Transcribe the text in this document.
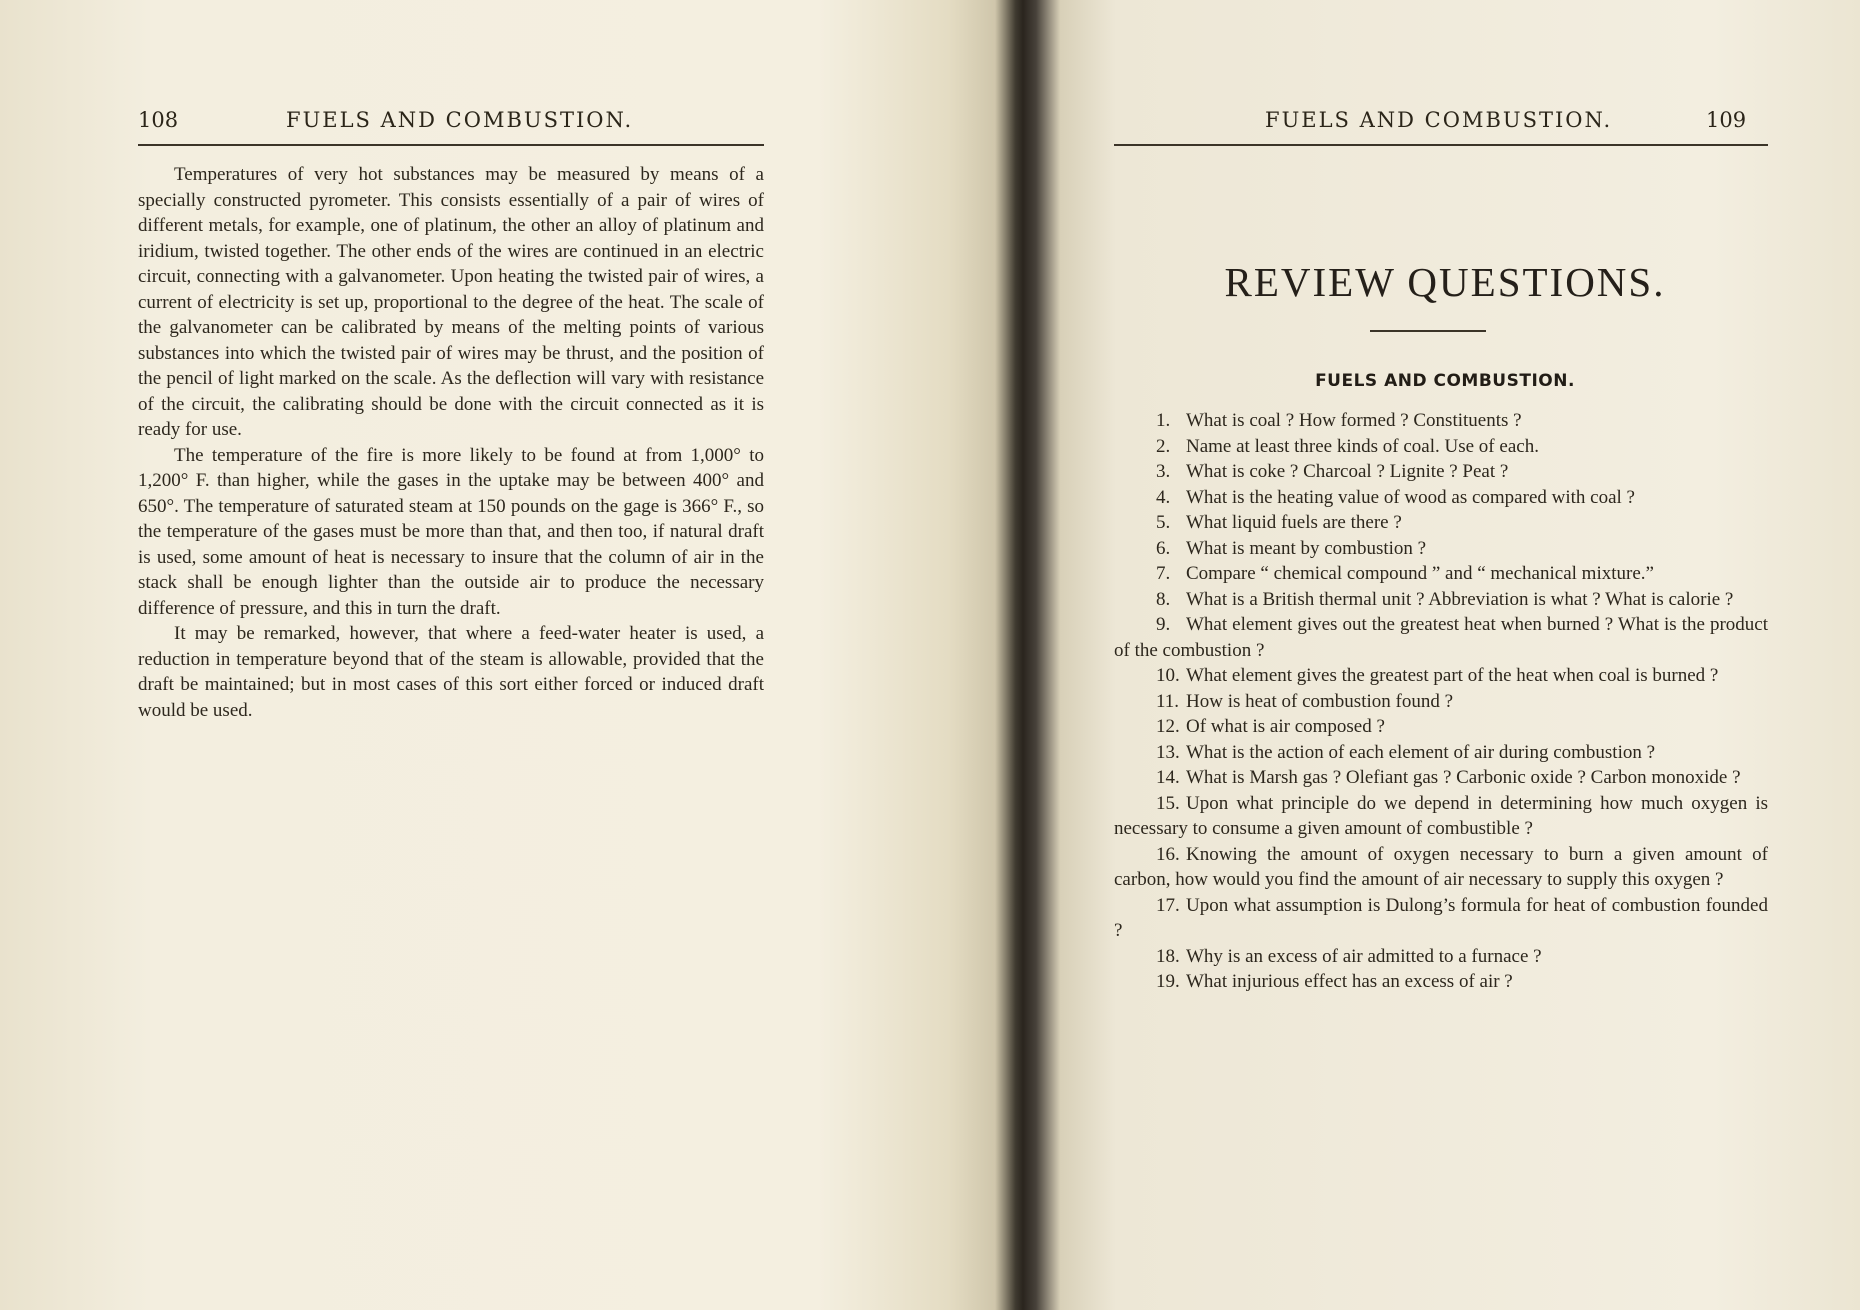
108	FUELS AND COMBUSTION.

Temperatures of very hot substances may be measured by means of a specially constructed pyrometer. This consists essentially of a pair of wires of different metals, for example, one of platinum, the other an alloy of platinum and iridium, twisted together. The other ends of the wires are continued in an electric circuit, connecting with a galvanometer. Upon heating the twisted pair of wires, a current of electricity is set up, proportional to the degree of the heat. The scale of the galvanometer can be calibrated by means of the melting points of various substances into which the twisted pair of wires may be thrust, and the position of the pencil of light marked on the scale. As the deflection will vary with resistance of the circuit, the calibrating should be done with the circuit connected as it is ready for use.

The temperature of the fire is more likely to be found at from 1,000° to 1,200° F. than higher, while the gases in the uptake may be between 400° and 650°. The temperature of saturated steam at 150 pounds on the gage is 366° F., so the temperature of the gases must be more than that, and then too, if natural draft is used, some amount of heat is necessary to insure that the column of air in the stack shall be enough lighter than the outside air to produce the necessary difference of pressure, and this in turn the draft.

It may be remarked, however, that where a feed-water heater is used, a reduction in temperature beyond that of the steam is allowable, provided that the draft be maintained; but in most cases of this sort either forced or induced draft would be used.

FUELS AND COMBUSTION.	109
REVIEW QUESTIONS.
FUELS AND COMBUSTION.

1. What is coal ? How formed ? Constituents ?

2. Name at least three kinds of coal. Use of each.

3. What is coke ? Charcoal ? Lignite ? Peat ?

4. What is the heating value of wood as compared with coal ?

5. What liquid fuels are there ?

6. What is meant by combustion ?

7. Compare “ chemical compound ” and “ mechanical mixture.”

8. What is a British thermal unit ? Abbreviation is what ? What is calorie ?

9. What element gives out the greatest heat when burned ? What is the product of the combustion ?

10. What element gives the greatest part of the heat when coal is burned ?

11. How is heat of combustion found ?

12. Of what is air composed ?

13. What is the action of each element of air during combustion ?

14. What is Marsh gas ? Olefiant gas ? Carbonic oxide ? Carbon monoxide ?

15. Upon what principle do we depend in determining how much oxygen is necessary to consume a given amount of combustible ?

16. Knowing the amount of oxygen necessary to burn a given amount of carbon, how would you find the amount of air necessary to supply this oxygen ?

17. Upon what assumption is Dulong’s formula for heat of combustion founded ?

18. Why is an excess of air admitted to a furnace ?

19. What injurious effect has an excess of air ?
